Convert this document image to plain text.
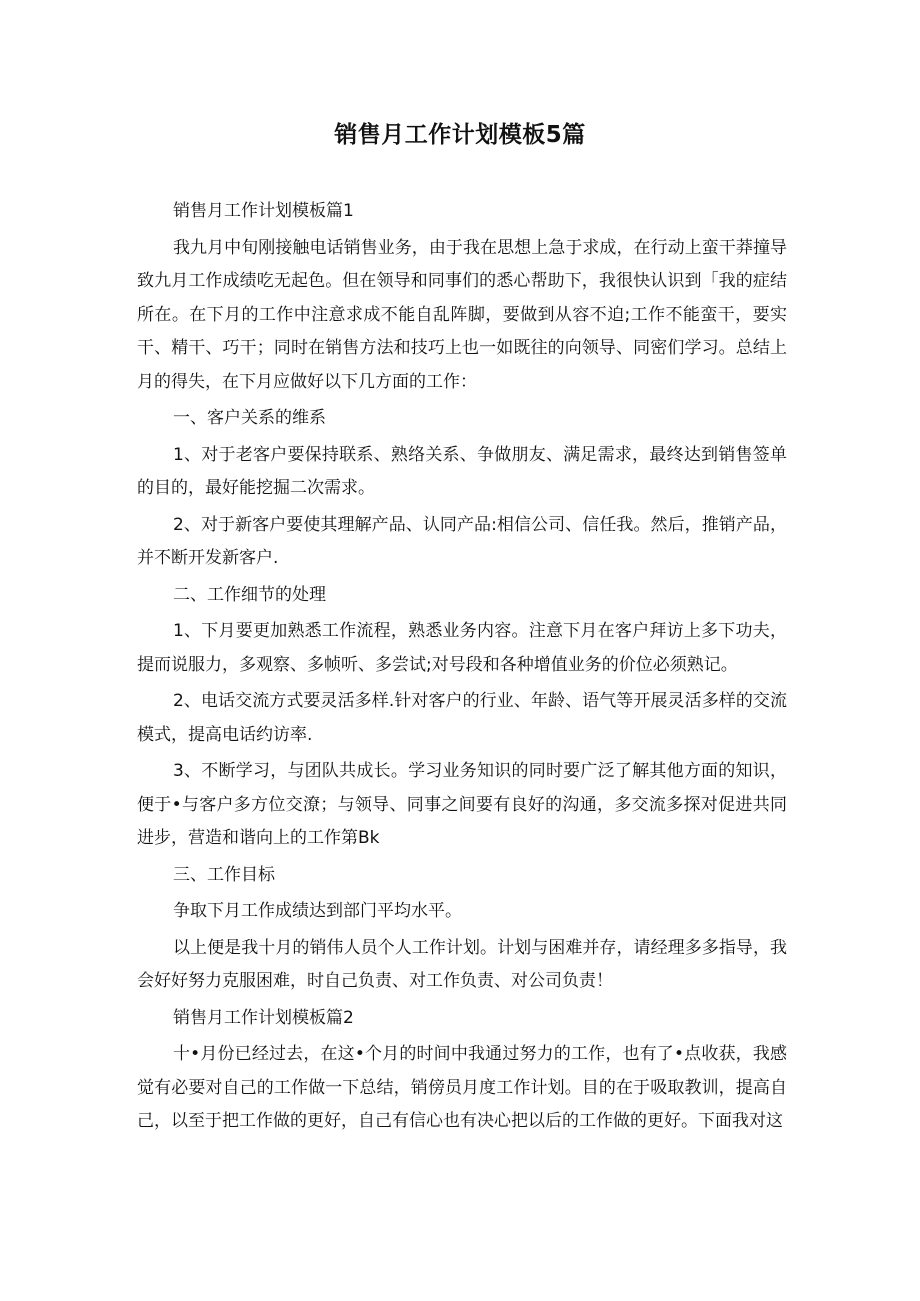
销售月工作计划模板5篇

销售月工作计划模板篇1

我九月中旬刚接触电话销售业务，由于我在思想上急于求成，在行动上蛮干莽撞导致九月工作成绩吃无起色。但在领导和同事们的悉心帮助下，我很快认识到「我的症结所在。在下月的工作中注意求成不能自乱阵脚，要做到从容不迫;工作不能蛮干，要实干、精干、巧干；同时在销售方法和技巧上也一如既往的向领导、同密们学习。总结上月的得失，在下月应做好以下几方面的工作：

一、客户关系的维系

1、对于老客户要保持联系、熟络关系、争做朋友、满足需求，最终达到销售签单的目的，最好能挖掘二次需求。

2、对于新客户要使其理解产品、认同产品:相信公司、信任我。然后，推销产品，并不断开发新客户.

二、工作细节的处理

1、下月要更加熟悉工作流程，熟悉业务内容。注意下月在客户拜访上多下功夫，提而说服力，多观察、多帧听、多尝试;对号段和各种增值业务的价位必须熟记。

2、电话交流方式要灵活多样.针对客户的行业、年龄、语气等开展灵活多样的交流模式，提高电话约访率.

3、不断学习，与团队共成长。学习业务知识的同时要广泛了解其他方面的知识，便于•与客户多方位交潦；与领导、同事之间要有良好的沟通，多交流多探对促进共同进步，营造和谐向上的工作第Bk

三、工作目标

争取下月工作成绩达到部门平均水平。

以上便是我十月的销伟人员个人工作计划。计划与困难并存，请经理多多指导，我会好好努力克服困难，时自己负责、对工作负责、对公司负责！

销售月工作计划模板篇2

十•月份已经过去，在这•个月的时间中我通过努力的工作，也有了•点收获，我感觉有必要对自己的工作做一下总结，销傍员月度工作计划。目的在于吸取教训，提高自己，以至于把工作做的更好，自己有信心也有决心把以后的工作做的更好。下面我对这
